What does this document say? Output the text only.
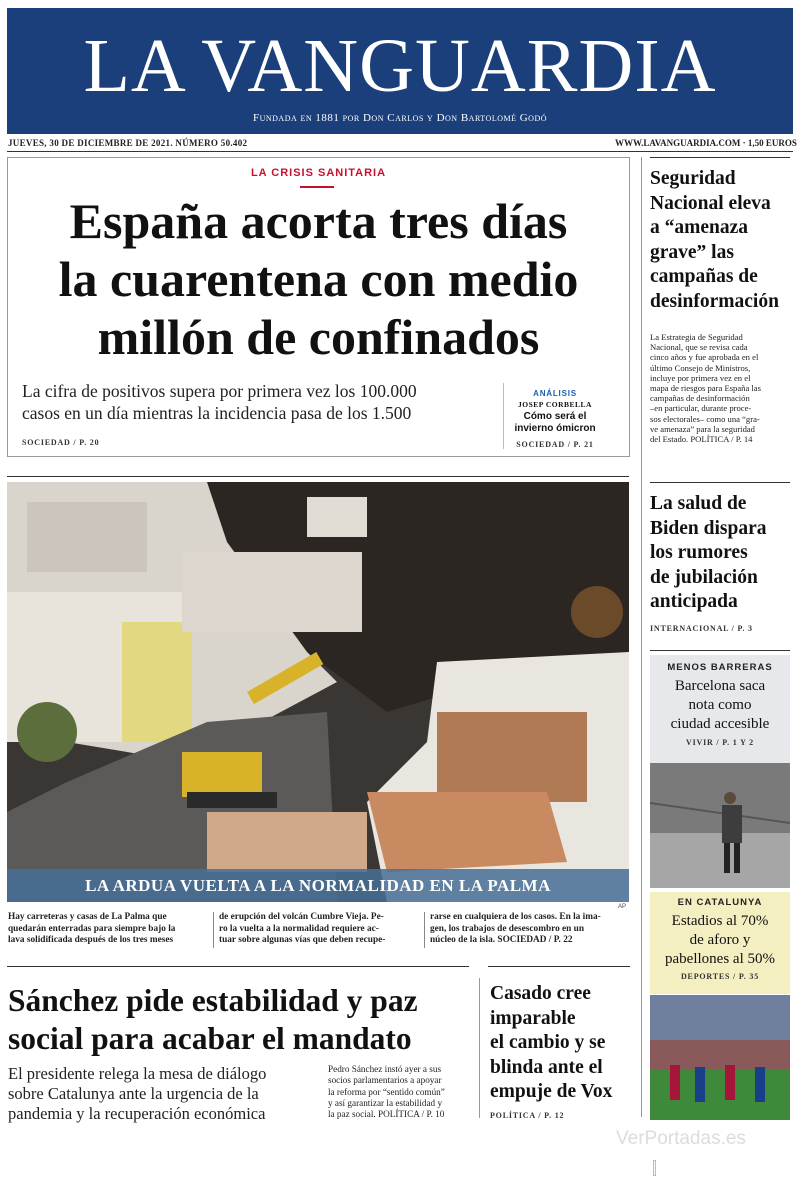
LA VANGUARDIA
Fundada en 1881 por Don Carlos y Don Bartolomé Godó
JUEVES, 30 DE DICIEMBRE DE 2021. NÚMERO 50.402	WWW.LAVANGUARDIA.COM · 1,50 EUROS
LA CRISIS SANITARIA
España acorta tres días
la cuarentena con medio
millón de confinados
La cifra de positivos supera por primera vez los 100.000
casos en un día mientras la incidencia pasa de los 1.500
SOCIEDAD / P. 20
ANÁLISIS
JOSEP CORBELLA
Cómo será el
invierno ómicron
SOCIEDAD / P. 21
Seguridad
Nacional eleva
a “amenaza
grave” las
campañas de
desinformación
La Estrategia de Seguridad
Nacional, que se revisa cada
cinco años y fue aprobada en el
último Consejo de Ministros,
incluye por primera vez en el
mapa de riesgos para España las
campañas de desinformación
–en particular, durante proce-
sos electorales– como una “gra-
ve amenaza” para la seguridad
del Estado. POLÍTICA / P. 14
La salud de
Biden dispara
los rumores
de jubilación
anticipada
INTERNACIONAL / P. 3
MENOS BARRERAS
Barcelona saca
nota como
ciudad accesible
VIVIR / P. 1 Y 2
EN CATALUNYA
Estadios al 70%
de aforo y
pabellones al 50%
DEPORTES / P. 35
LA ARDUA VUELTA A LA NORMALIDAD EN LA PALMA
AP
Hay carreteras y casas de La Palma que
quedarán enterradas para siempre bajo la
lava solidificada después de los tres meses
de erupción del volcán Cumbre Vieja. Pe-
ro la vuelta a la normalidad requiere ac-
tuar sobre algunas vías que deben recupe-
rarse en cualquiera de los casos. En la ima-
gen, los trabajos de desescombro en un
núcleo de la isla. SOCIEDAD / P. 22
Sánchez pide estabilidad y paz
social para acabar el mandato
El presidente relega la mesa de diálogo
sobre Catalunya ante la urgencia de la
pandemia y la recuperación económica
Pedro Sánchez instó ayer a sus
socios parlamentarios a apoyar
la reforma por “sentido común”
y así garantizar la estabilidad y
la paz social. POLÍTICA / P. 10
Casado cree
imparable
el cambio y se
blinda ante el
empuje de Vox
POLÍTICA / P. 12
VerPortadas.es
